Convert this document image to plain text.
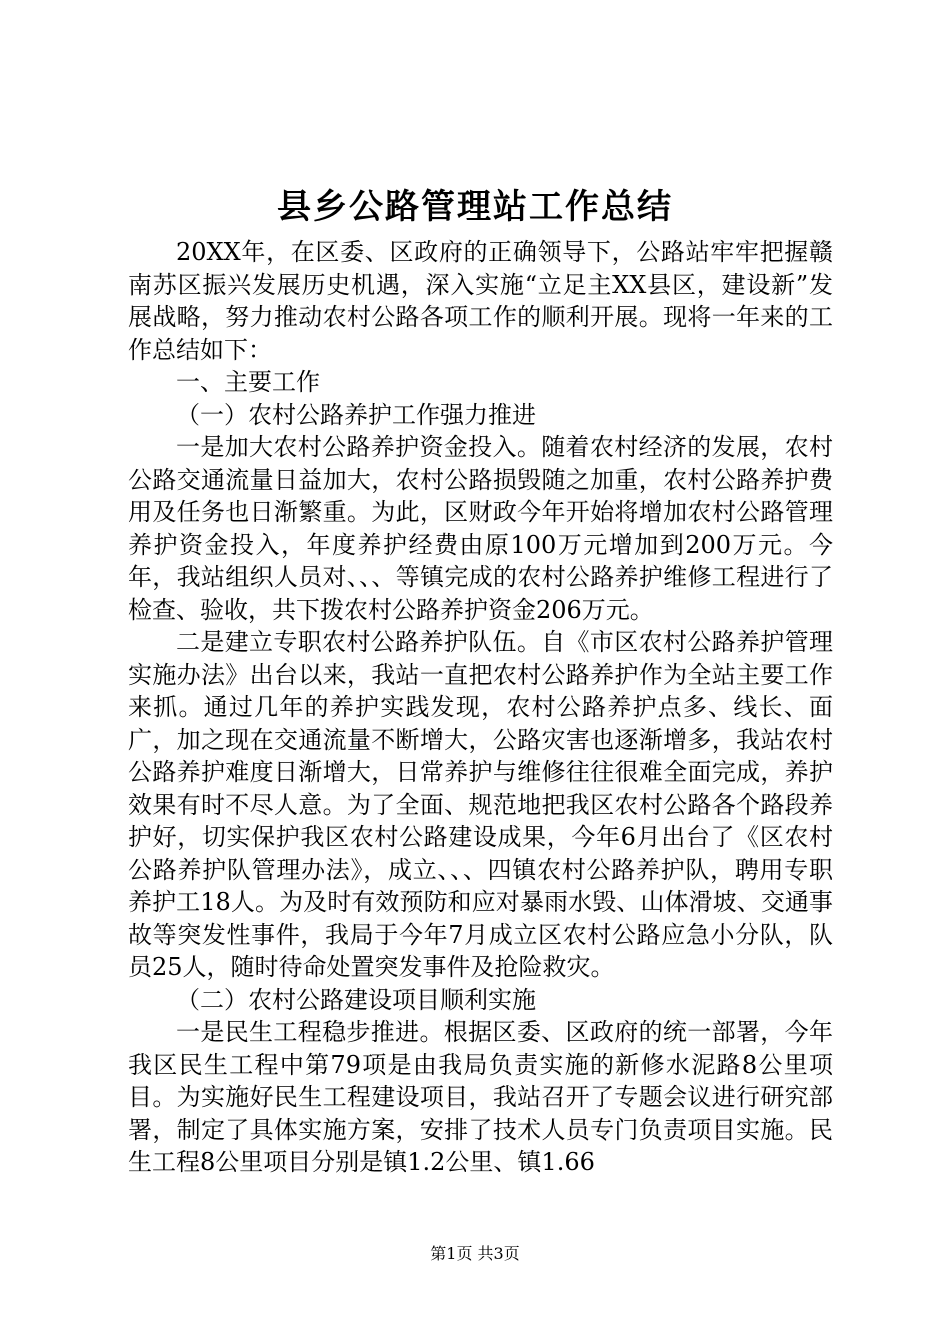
县乡公路管理站工作总结

20XX年，在区委、区政府的正确领导下，公路站牢牢把握赣南苏区振兴发展历史机遇，深入实施“立足主XX县区，建设新”发展战略，努力推动农村公路各项工作的顺利开展。现将一年来的工作总结如下：

一、主要工作

（一）农村公路养护工作强力推进

一是加大农村公路养护资金投入。随着农村经济的发展，农村公路交通流量日益加大，农村公路损毁随之加重，农村公路养护费用及任务也日渐繁重。为此，区财政今年开始将增加农村公路管理养护资金投入，年度养护经费由原100万元增加到200万元。今年，我站组织人员对、、、等镇完成的农村公路养护维修工程进行了检查、验收，共下拨农村公路养护资金206万元。

二是建立专职农村公路养护队伍。自《市区农村公路养护管理实施办法》出台以来，我站一直把农村公路养护作为全站主要工作来抓。通过几年的养护实践发现，农村公路养护点多、线长、面广，加之现在交通流量不断增大，公路灾害也逐渐增多，我站农村公路养护难度日渐增大，日常养护与维修往往很难全面完成，养护效果有时不尽人意。为了全面、规范地把我区农村公路各个路段养护好，切实保护我区农村公路建设成果，今年6月出台了《区农村公路养护队管理办法》，成立、、、四镇农村公路养护队，聘用专职养护工18人。为及时有效预防和应对暴雨水毁、山体滑坡、交通事故等突发性事件，我局于今年7月成立区农村公路应急小分队，队员25人，随时待命处置突发事件及抢险救灾。

（二）农村公路建设项目顺利实施

一是民生工程稳步推进。根据区委、区政府的统一部署，今年我区民生工程中第79项是由我局负责实施的新修水泥路8公里项目。为实施好民生工程建设项目，我站召开了专题会议进行研究部署，制定了具体实施方案，安排了技术人员专门负责项目实施。民生工程8公里项目分别是镇1.2公里、镇1.66

第1页 共3页
